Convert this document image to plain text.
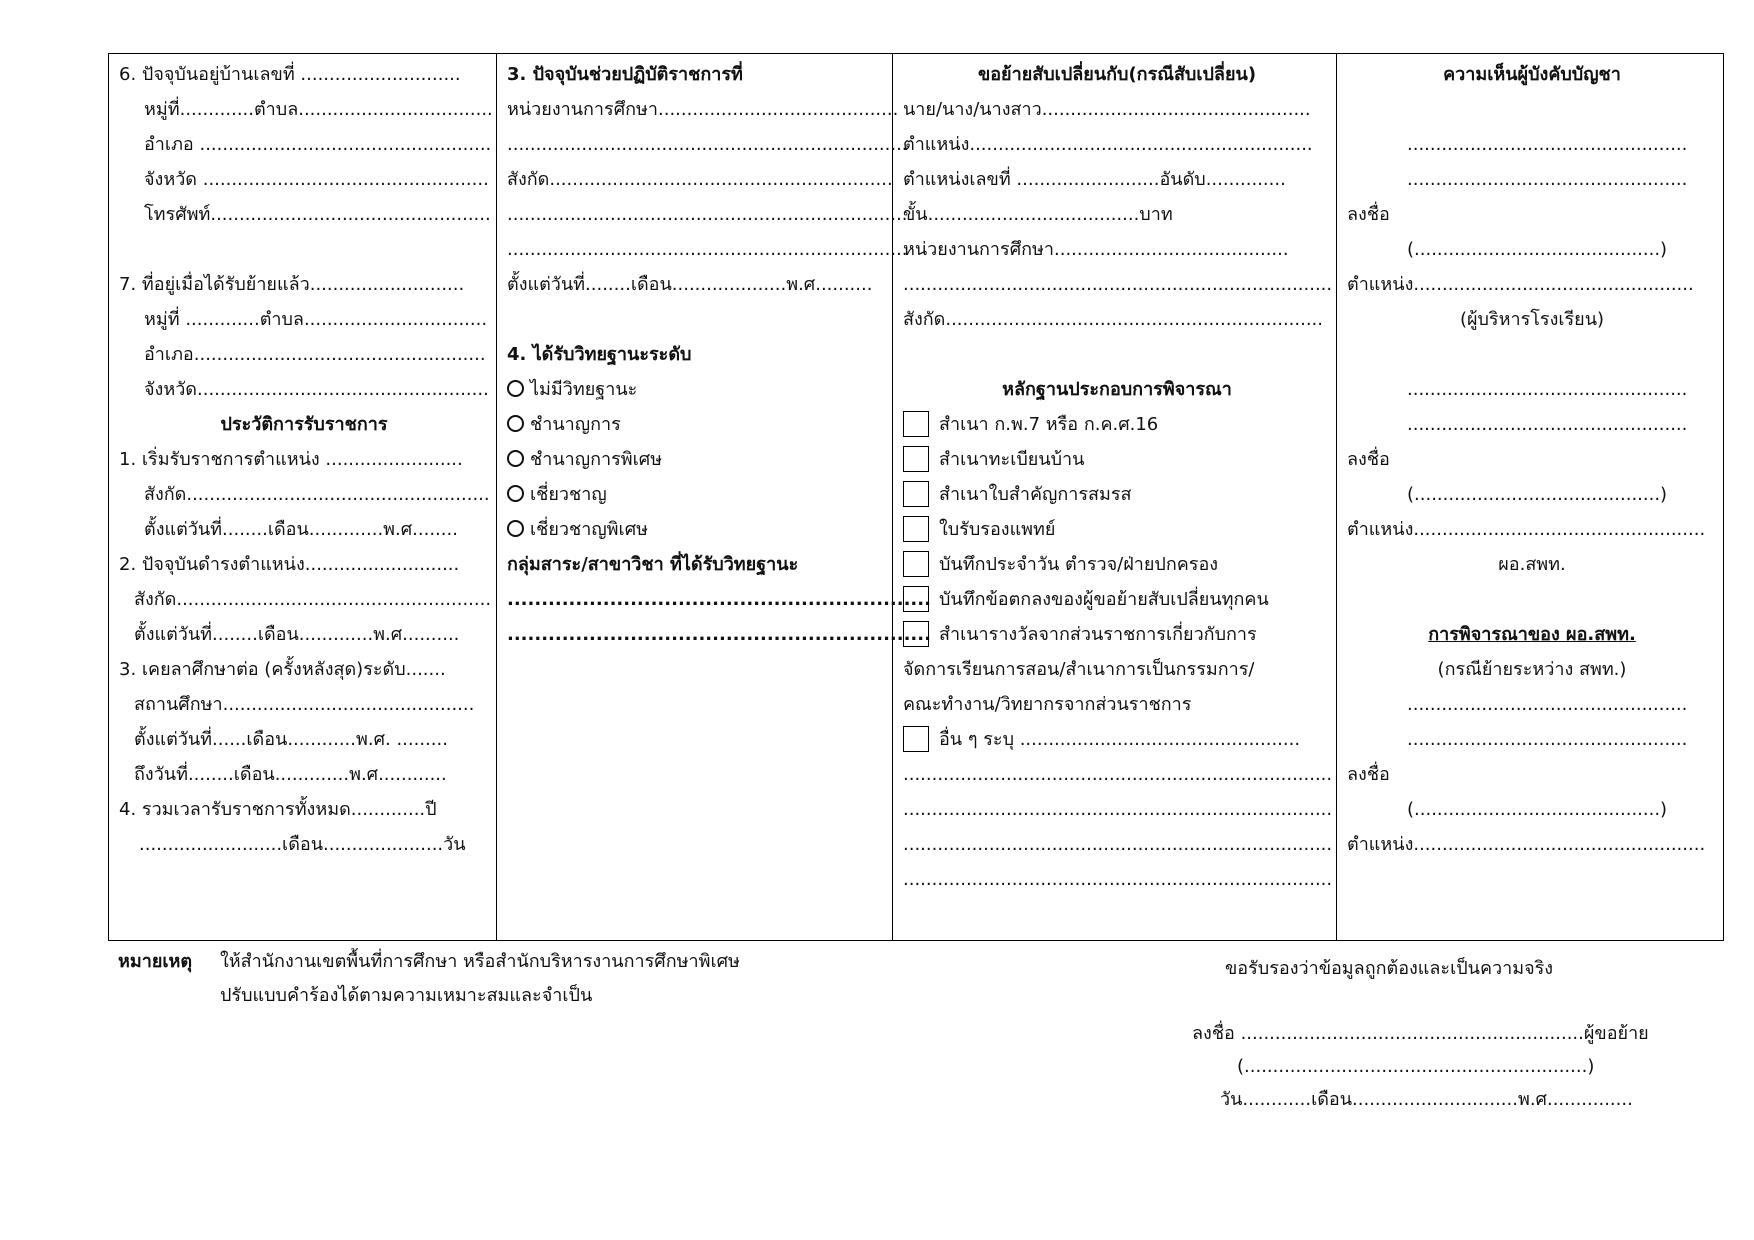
6. ปัจจุบันอยู่บ้านเลขที่ ............................
หมู่ที่.............ตำบล..................................
อำเภอ ...................................................
จังหวัด ..................................................
โทรศัพท์.................................................
7. ที่อยู่เมื่อได้รับย้ายแล้ว...........................
หมู่ที่ .............ตำบล................................
อำเภอ...................................................
จังหวัด...................................................
ประวัติการรับราชการ
1. เริ่มรับราชการตำแหน่ง ........................
สังกัด.....................................................
ตั้งแต่วันที่........เดือน.............พ.ศ........
2. ปัจจุบันดำรงตำแหน่ง...........................
สังกัด.......................................................
ตั้งแต่วันที่........เดือน.............พ.ศ..........
3. เคยลาศึกษาต่อ (ครั้งหลังสุด)ระดับ.......
สถานศึกษา............................................
ตั้งแต่วันที่......เดือน............พ.ศ. .........
ถึงวันที่........เดือน.............พ.ศ............
4. รวมเวลารับราชการทั้งหมด.............ปี
.........................เดือน.....................วัน
3. ปัจจุบันช่วยปฏิบัติราชการที่
หน่วยงานการศึกษา..........................................
......................................................................
สังกัด............................................................
......................................................................
......................................................................
ตั้งแต่วันที่........เดือน....................พ.ศ..........
4. ได้รับวิทยฐานะระดับ
ไม่มีวิทยฐานะ
ชำนาญการ
ชำนาญการพิเศษ
เชี่ยวชาญ
เชี่ยวชาญพิเศษ
กลุ่มสาระ/สาขาวิชา ที่ได้รับวิทยฐานะ
..............................................................
..............................................................
ขอย้ายสับเปลี่ยนกับ(กรณีสับเปลี่ยน)
นาย/นาง/นางสาว...............................................
ตำแหน่ง............................................................
ตำแหน่งเลขที่ .........................อันดับ..............
ขั้น.....................................บาท
หน่วยงานการศึกษา.........................................
...........................................................................
สังกัด..................................................................
หลักฐานประกอบการพิจารณา
สำเนา ก.พ.7 หรือ ก.ค.ศ.16
สำเนาทะเบียนบ้าน
สำเนาใบสำคัญการสมรส
ใบรับรองแพทย์
บันทึกประจำวัน ตำรวจ/ฝ่ายปกครอง
บันทึกข้อตกลงของผู้ขอย้ายสับเปลี่ยนทุกคน
สำเนารางวัลจากส่วนราชการเกี่ยวกับการ
จัดการเรียนการสอน/สำเนาการเป็นกรรมการ/
คณะทำงาน/วิทยากรจากส่วนราชการ
อื่น ๆ ระบุ .................................................
...........................................................................
...........................................................................
...........................................................................
...........................................................................
ความเห็นผู้บังคับบัญชา
.................................................
.................................................
ลงชื่อ
(...........................................)
ตำแหน่ง.................................................
(ผู้บริหารโรงเรียน)
.................................................
.................................................
ลงชื่อ
(...........................................)
ตำแหน่ง...................................................
ผอ.สพท.
การพิจารณาของ ผอ.สพท.
(กรณีย้ายระหว่าง สพท.)
.................................................
.................................................
ลงชื่อ
(...........................................)
ตำแหน่ง...................................................
หมายเหตุ ให้สำนักงานเขตพื้นที่การศึกษา หรือสำนักบริหารงานการศึกษาพิเศษ
ปรับแบบคำร้องได้ตามความเหมาะสมและจำเป็น
ขอรับรองว่าข้อมูลถูกต้องและเป็นความจริง
ลงชื่อ ............................................................ผู้ขอย้าย
(............................................................)
วัน............เดือน.............................พ.ศ...............
